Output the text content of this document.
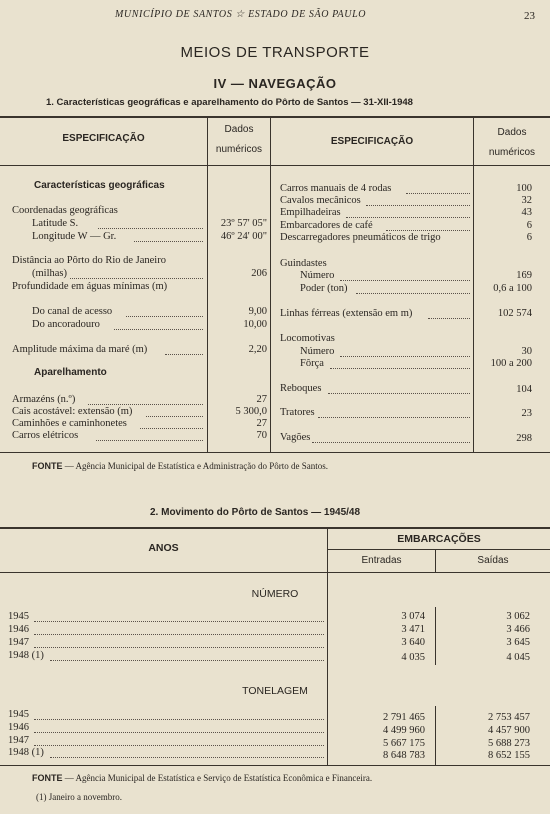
MUNICÍPIO DE SANTOS ☆ ESTADO DE SÃO PAULO	23
MEIOS DE TRANSPORTE
IV — NAVEGAÇÃO
1. Características geográficas e aparelhamento do Pôrto de Santos — 31-XII-1948
ESPECIFICAÇÃO
Dados
numéricos
ESPECIFICAÇÃO
Dados
numéricos
Características geográficas
Coordenadas geográficas
Latitude S.	23º 57' 05"
Longitude W — Gr.	46º 24' 00"
Distância ao Pôrto do Rio de Janeiro
(milhas)	206
Profundidade em águas mínimas (m)
Do canal de acesso	9,00
Do ancoradouro	10,00
Amplitude máxima da maré (m)	2,20
Aparelhamento
Armazéns (n.º)	27
Cais acostável: extensão (m)	5 300,0
Caminhões e caminhonetes	27
Carros elétricos	70
Carros manuais de 4 rodas	100
Cavalos mecânicos	32
Empilhadeiras	43
Embarcadores de café	6
Descarregadores pneumáticos de trigo	6
Guindastes
Número	169
Poder (ton)	0,6 a 100
Linhas férreas (extensão em m)	102 574
Locomotivas
Número	30
Fôrça	100 a 200
Reboques	104
Tratores	23
Vagões	298
FONTE — Agência Municipal de Estatística e Administração do Pôrto de Santos.
2. Movimento do Pôrto de Santos — 1945/48
ANOS
EMBARCAÇÕES
Entradas	Saídas
NÚMERO
1945	3 074	3 062
1946	3 471	3 466
1947	3 640	3 645
1948 (1)	4 035	4 045
TONELAGEM
1945	2 791 465	2 753 457
1946	4 499 960	4 457 900
1947	5 667 175	5 688 273
1948 (1)	8 648 783	8 652 155
FONTE — Agência Municipal de Estatística e Serviço de Estatística Econômica e Financeira.
(1) Janeiro a novembro.
